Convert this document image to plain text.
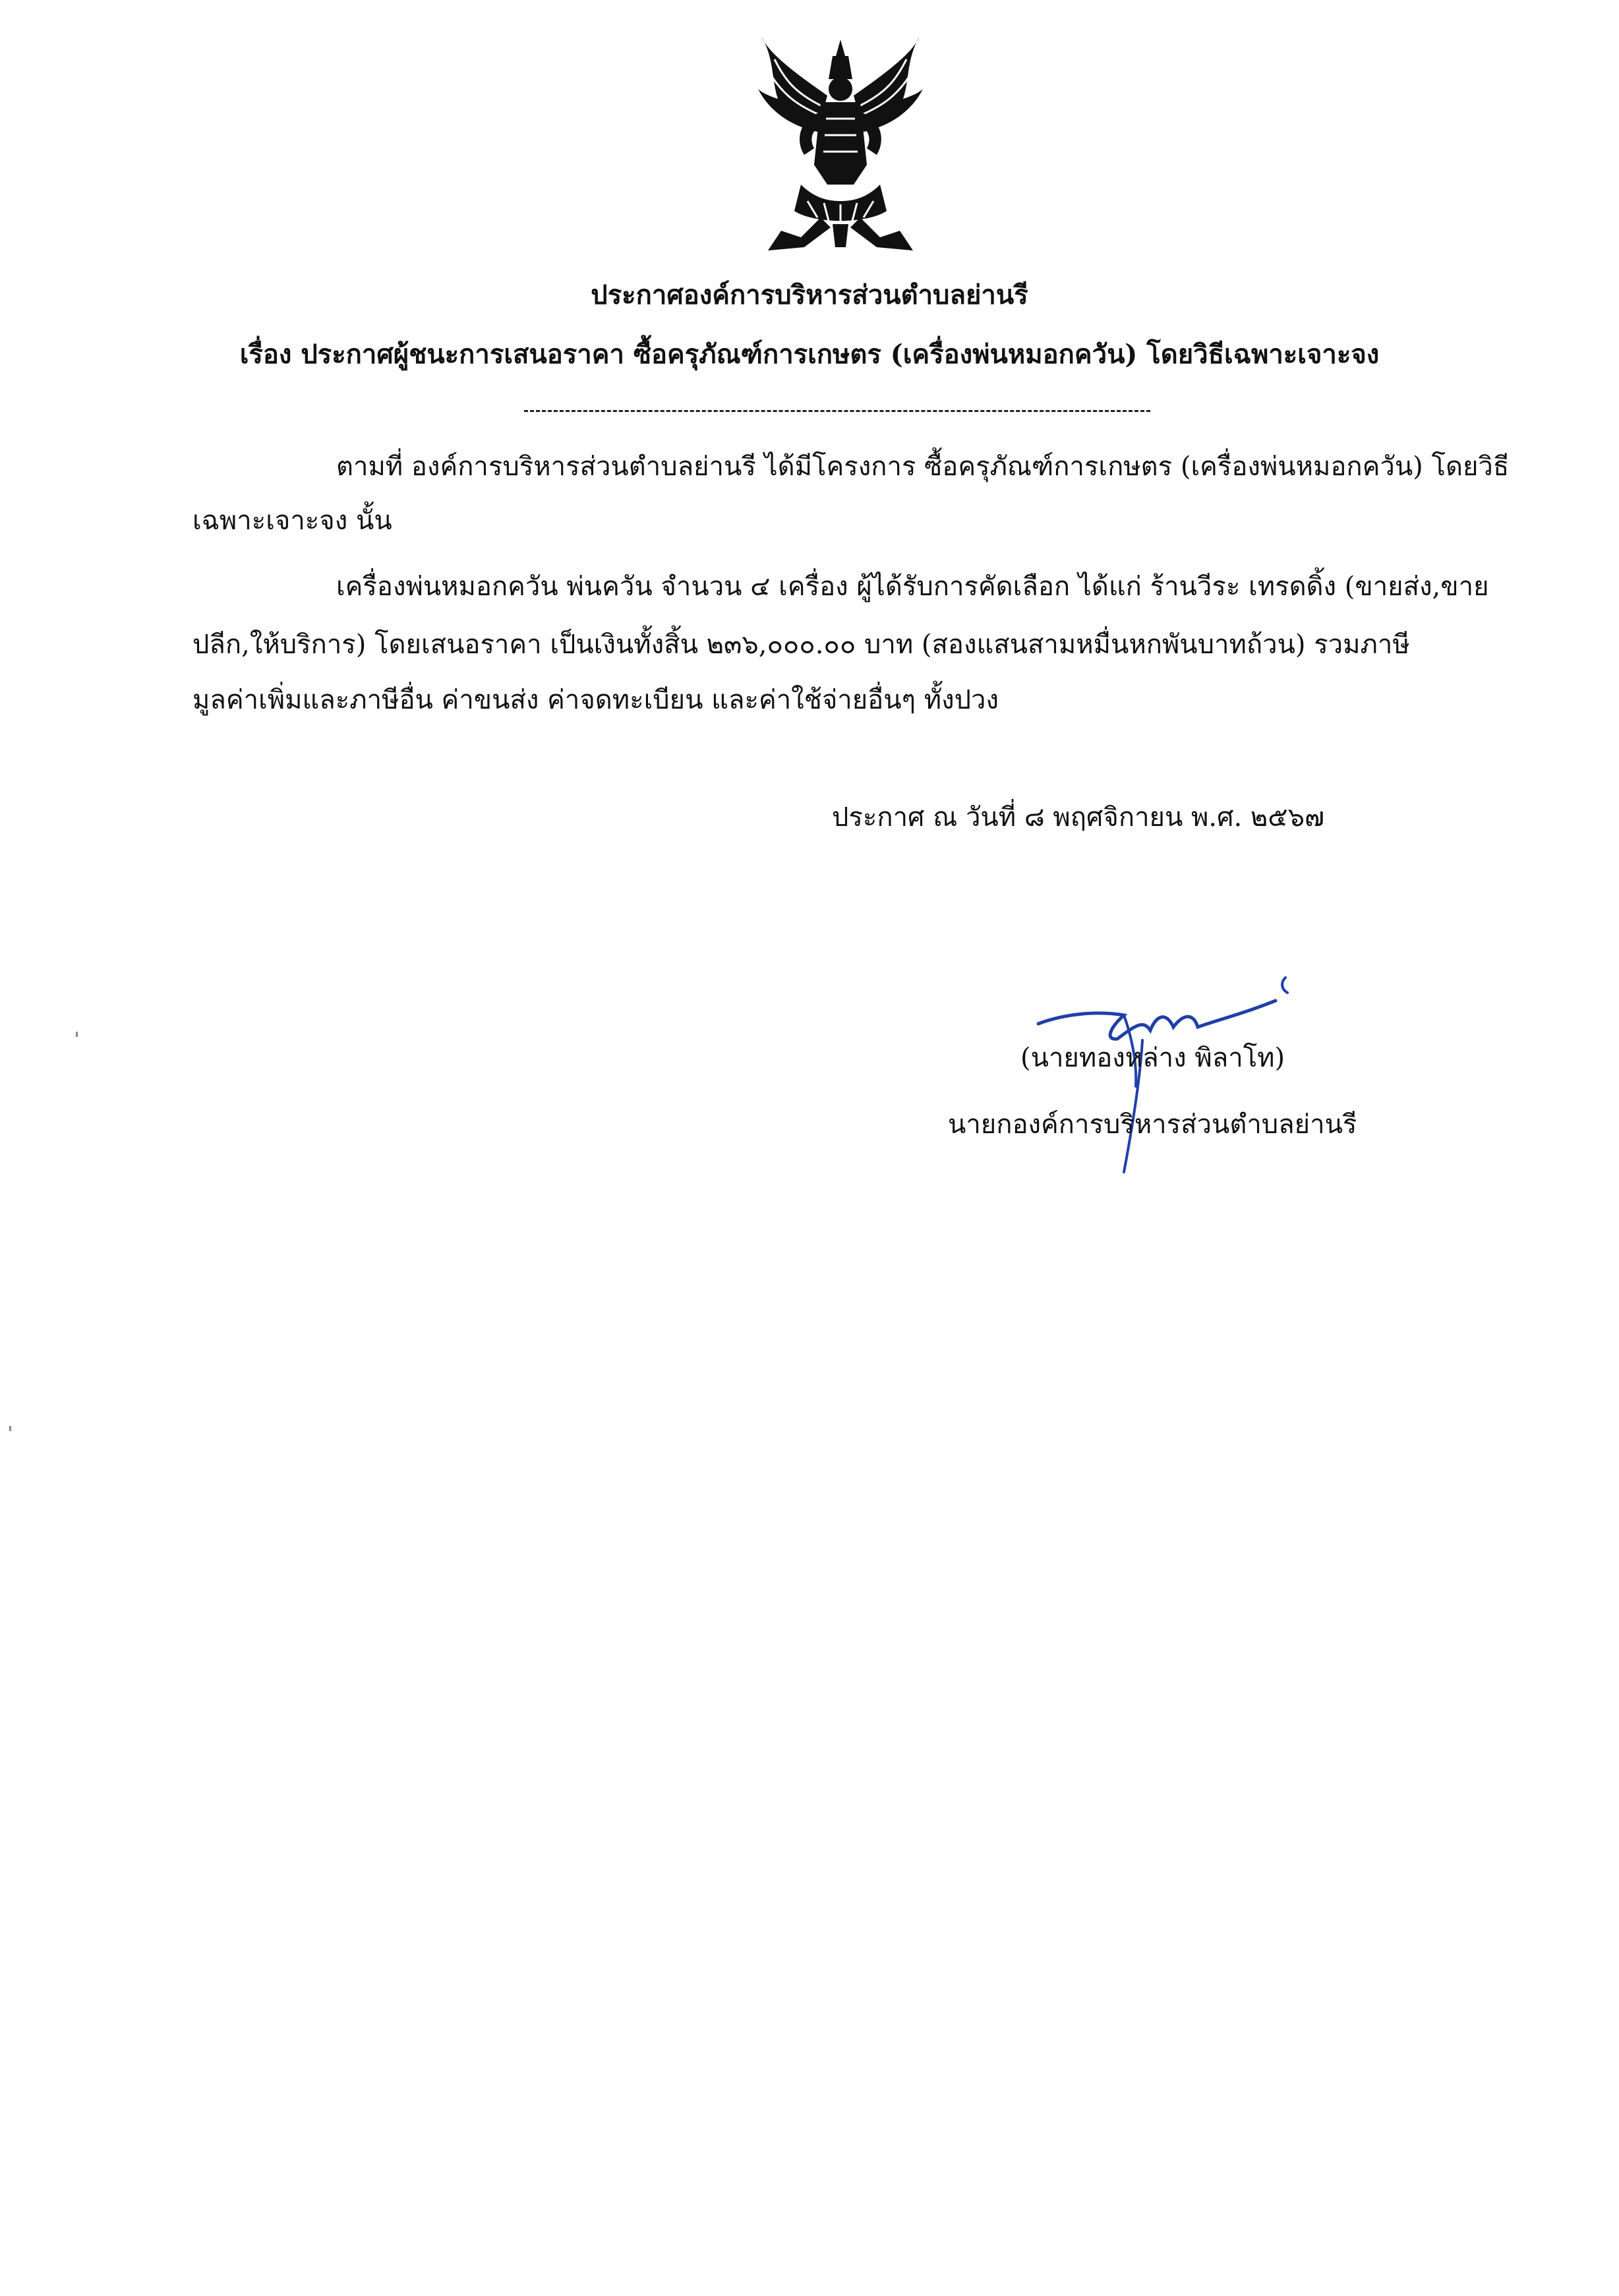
ประกาศองค์การบริหารส่วนตำบลย่านรี
เรื่อง ประกาศผู้ชนะการเสนอราคา ซื้อครุภัณฑ์การเกษตร (เครื่องพ่นหมอกควัน) โดยวิธีเฉพาะเจาะจง
ตามที่ องค์การบริหารส่วนตำบลย่านรี ได้มีโครงการ ซื้อครุภัณฑ์การเกษตร (เครื่องพ่นหมอกควัน) โดยวิธี
เฉพาะเจาะจง นั้น
เครื่องพ่นหมอกควัน พ่นควัน จำนวน ๔ เครื่อง ผู้ได้รับการคัดเลือก ได้แก่ ร้านวีระ เทรดดิ้ง (ขายส่ง,ขาย
ปลีก,ให้บริการ) โดยเสนอราคา เป็นเงินทั้งสิ้น ๒๓๖,๐๐๐.๐๐ บาท (สองแสนสามหมื่นหกพันบาทถ้วน) รวมภาษี
มูลค่าเพิ่มและภาษีอื่น ค่าขนส่ง ค่าจดทะเบียน และค่าใช้จ่ายอื่นๆ ทั้งปวง
ประกาศ ณ วันที่ ๘ พฤศจิกายน พ.ศ. ๒๕๖๗
(นายทองหล่าง พิลาโท)
นายกองค์การบริหารส่วนตำบลย่านรี
